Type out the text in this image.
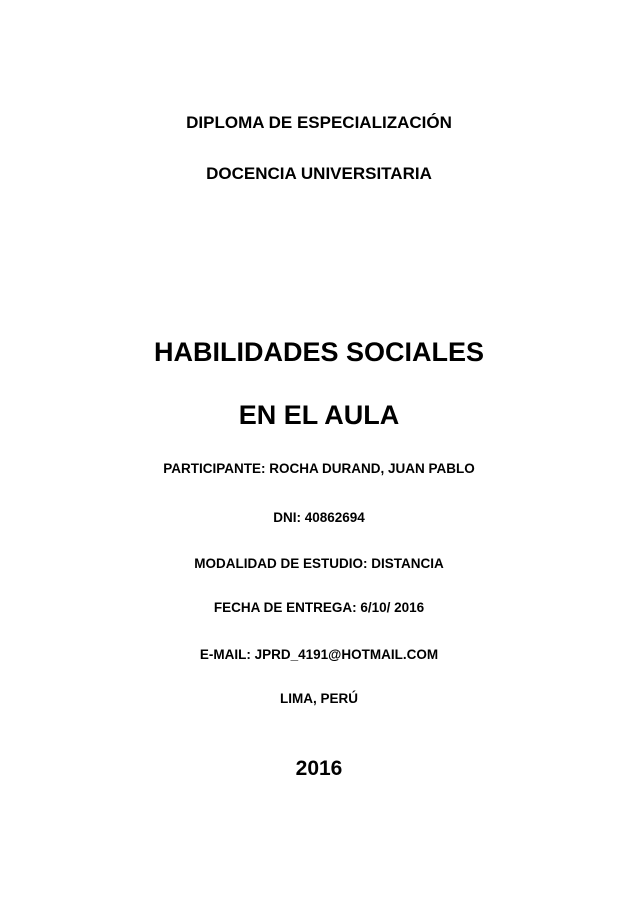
DIPLOMA DE ESPECIALIZACIÓN
DOCENCIA UNIVERSITARIA
HABILIDADES SOCIALES
EN EL AULA
PARTICIPANTE: ROCHA DURAND, JUAN PABLO
DNI: 40862694
MODALIDAD DE ESTUDIO: DISTANCIA
FECHA DE ENTREGA: 6/10/ 2016
E-MAIL: JPRD_4191@HOTMAIL.COM
LIMA, PERÚ
2016
